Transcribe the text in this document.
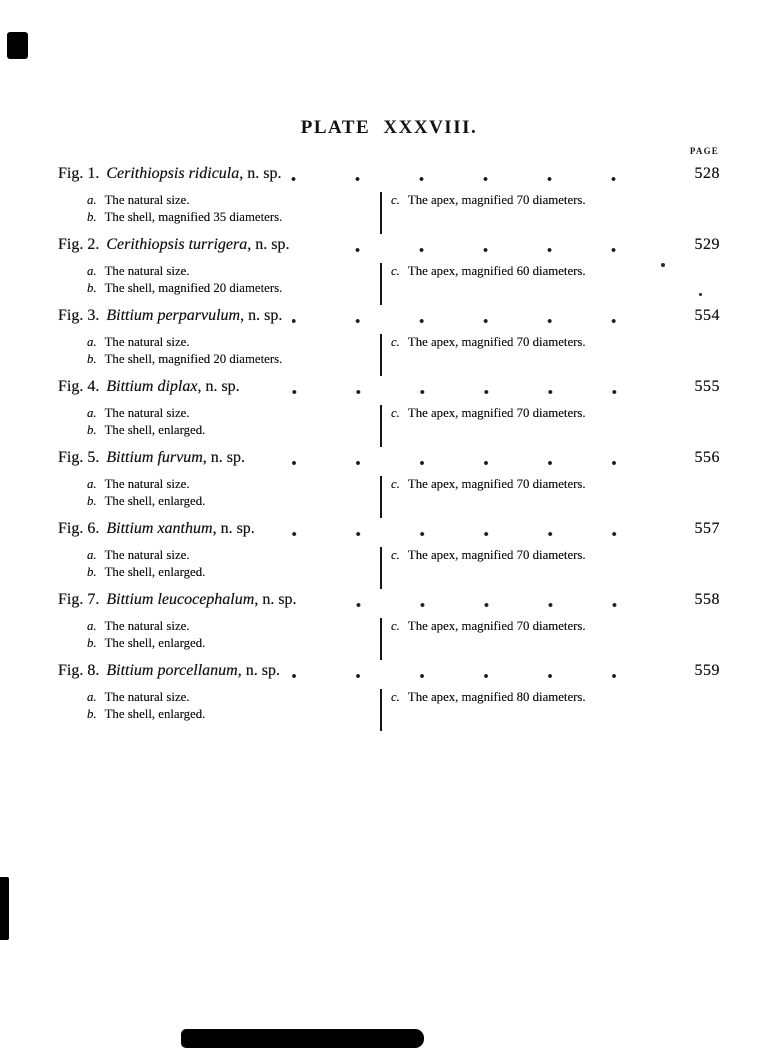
PLATE XXXVIII.
PAGE
Fig. 1. Cerithiopsis ridicula , n. sp.	528
a. The natural size.
b. The shell, magnified 35 diameters.
c. The apex, magnified 70 diameters.
Fig. 2. Cerithiopsis turrigera , n. sp.	529
a. The natural size.
b. The shell, magnified 20 diameters.
c. The apex, magnified 60 diameters.
Fig. 3. Bittium perparvulum , n. sp.	554
a. The natural size.
b. The shell, magnified 20 diameters.
c. The apex, magnified 70 diameters.
Fig. 4. Bittium diplax , n. sp.	555
a. The natural size.
b. The shell, enlarged.
c. The apex, magnified 70 diameters.
Fig. 5. Bittium furvum , n. sp.	556
a. The natural size.
b. The shell, enlarged.
c. The apex, magnified 70 diameters.
Fig. 6. Bittium xanthum , n. sp.	557
a. The natural size.
b. The shell, enlarged.
c. The apex, magnified 70 diameters.
Fig. 7. Bittium leucocephalum , n. sp.	558
a. The natural size.
b. The shell, enlarged.
c. The apex, magnified 70 diameters.
Fig. 8. Bittium porcellanum , n. sp.	559
a. The natural size.
b. The shell, enlarged.
c. The apex, magnified 80 diameters.
